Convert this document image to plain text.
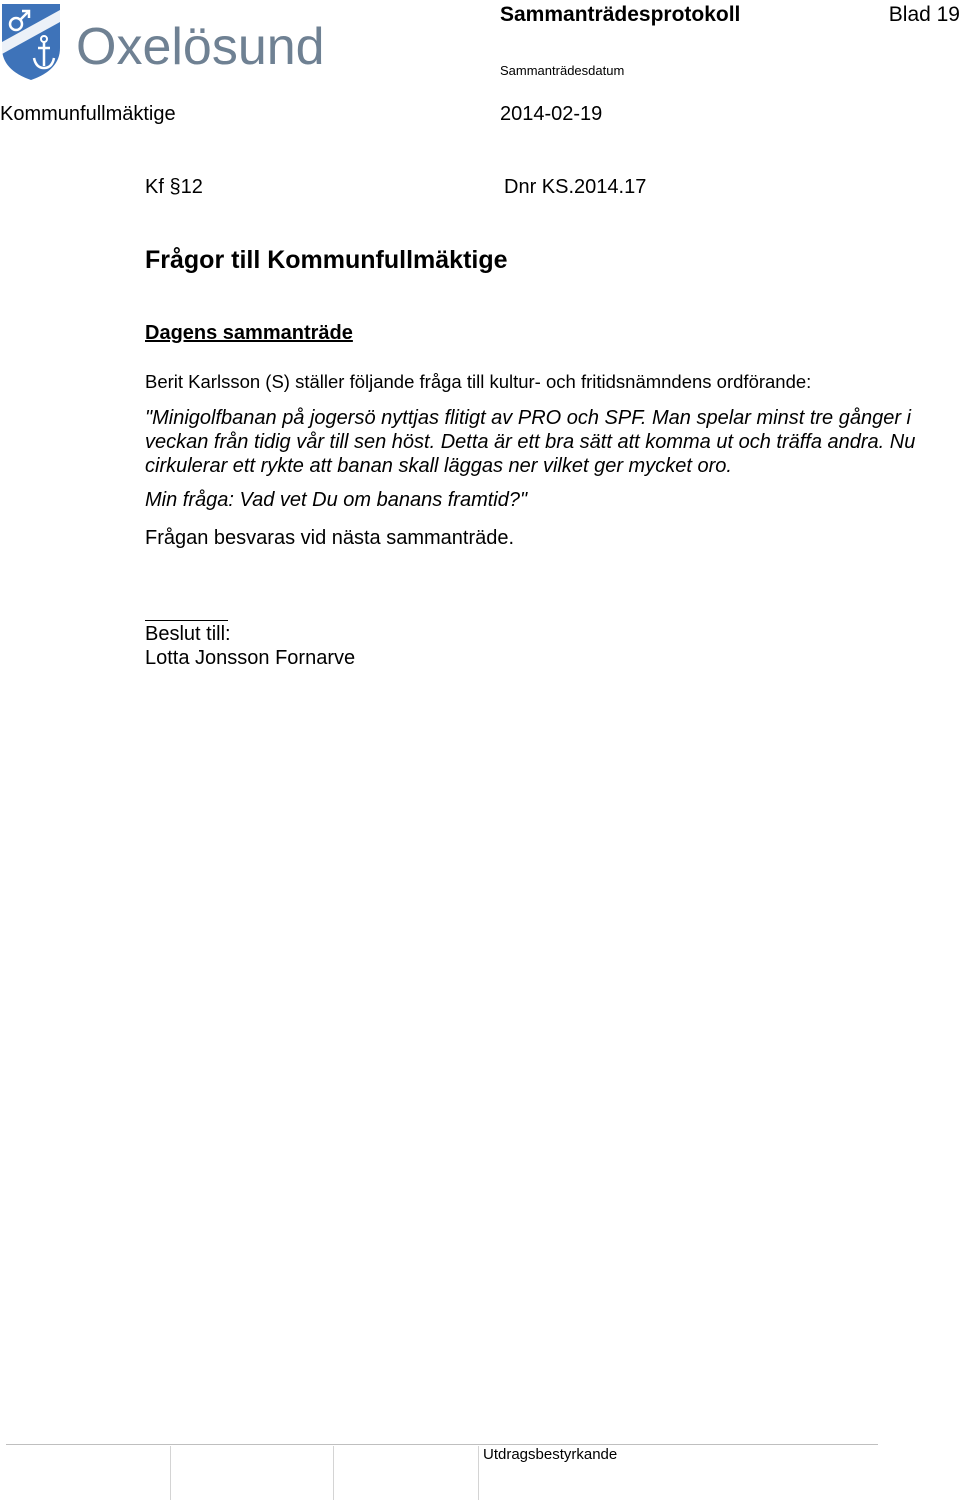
Oxelösund
Sammanträdesprotokoll	Blad 19
Sammanträdesdatum
Kommunfullmäktige	2014-02-19
Kf §12	Dnr KS.2014.17
Frågor till Kommunfullmäktige
Dagens sammanträde
Berit Karlsson (S) ställer följande fråga till kultur- och fritidsnämndens ordförande:

"Minigolfbanan på jogersö nyttjas flitigt av PRO och SPF. Man spelar minst tre gånger i veckan från tidig vår till sen höst. Detta är ett bra sätt att komma ut och träffa andra. Nu cirkulerar ett rykte att banan skall läggas ner vilket ger mycket oro.

Min fråga: Vad vet Du om banans framtid?"

Frågan besvaras vid nästa sammanträde.
Beslut till:
Lotta Jonsson Fornarve
Utdragsbestyrkande
